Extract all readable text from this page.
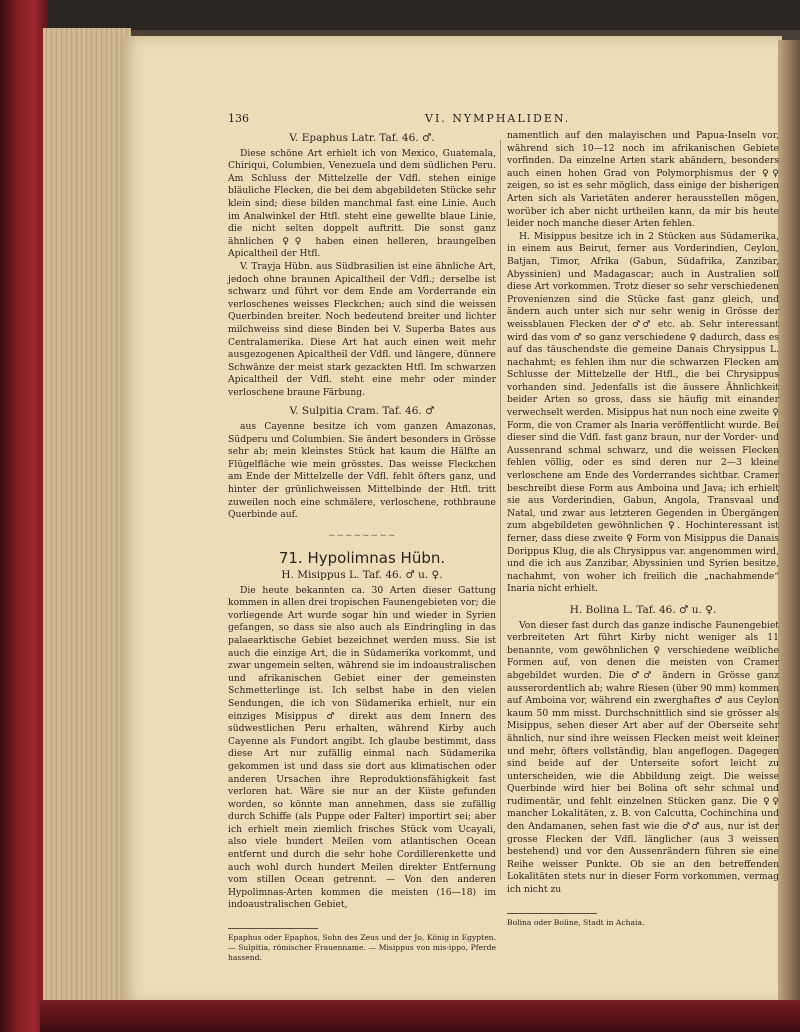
136	VI. NYMPHALIDEN.
V. Epaphus Latr. Taf. 46. ♂.

Diese schöne Art erhielt ich von Mexico, Guatemala, Chiriqui, Columbien, Venezuela und dem südlichen Peru. Am Schluss der Mittelzelle der Vdfl. stehen einige bläuliche Flecken, die bei dem abgebildeten Stücke sehr klein sind; diese bilden manchmal fast eine Linie. Auch im Analwinkel der Htfl. steht eine gewellte blaue Linie, die nicht selten doppelt auftritt. Die sonst ganz ähnlichen ♀♀ haben einen helleren, braungelben Apicaltheil der Htfl.

V. Trayja Hübn. aus Südbrasilien ist eine ähnliche Art, jedoch ohne braunen Apicaltheil der Vdfl.; derselbe ist schwarz und führt vor dem Ende am Vorderrande ein verloschenes weisses Fleckchen; auch sind die weissen Querbinden breiter. Noch bedeutend breiter und lichter milchweiss sind diese Binden bei V. Superba Bates aus Centralamerika. Diese Art hat auch einen weit mehr ausgezogenen Apicaltheil der Vdfl. und längere, dünnere Schwänze der meist stark gezackten Htfl. Im schwarzen Apicaltheil der Vdfl. steht eine mehr oder minder verloschene braune Färbung.

V. Sulpitia Cram. Taf. 46. ♂

aus Cayenne besitze ich vom ganzen Amazonas, Südperu und Columbien. Sie ändert besonders in Grösse sehr ab; mein kleinstes Stück hat kaum die Hälfte an Flügelfläche wie mein grösstes. Das weisse Fleckchen am Ende der Mittelzelle der Vdfl. fehlt öfters ganz, und hinter der grünlichweissen Mittelbinde der Htfl. tritt zuweilen noch eine schmälere, verloschene, rothbraune Querbinde auf.

~~~~~~~~
71. Hypolimnas Hübn.
H. Misippus L. Taf. 46. ♂ u. ♀.

Die heute bekannten ca. 30 Arten dieser Gattung kommen in allen drei tropischen Faunengebieten vor; die vorliegende Art wurde sogar hin und wieder in Syrien gefangen, so dass sie also auch als Eindringling in das palaearktische Gebiet bezeichnet werden muss. Sie ist auch die einzige Art, die in Südamerika vorkommt, und zwar ungemein selten, während sie im indoaustralischen und afrikanischen Gebiet einer der gemeinsten Schmetterlinge ist. Ich selbst habe in den vielen Sendungen, die ich von Südamerika erhielt, nur ein einziges Misippus ♂ direkt aus dem Innern des südwestlichen Peru erhalten, während Kirby auch Cayenne als Fundort angibt. Ich glaube bestimmt, dass diese Art nur zufällig einmal nach Südamerika gekommen ist und dass sie dort aus klimatischen oder anderen Ursachen ihre Reproduktionsfähigkeit fast verloren hat. Wäre sie nur an der Küste gefunden worden, so könnte man annehmen, dass sie zufällig durch Schiffe (als Puppe oder Falter) importirt sei; aber ich erhielt mein ziemlich frisches Stück vom Ucayali, also viele hundert Meilen vom atlantischen Ocean entfernt und durch die sehr hohe Cordillerenkette und auch wohl durch hundert Meilen direkter Entfernung vom stillen Ocean getrennt. — Von den anderen Hypolimnas-Arten kommen die meisten (16—18) im indoaustralischen Gebiet,

Epaphus oder Epaphos, Sohn des Zeus und der Jo, König in Egypten. — Sulpitia, römischer Frauenname. — Misippus von mis-ippo, Pferde hassend.

namentlich auf den malayischen und Papua-Inseln vor, während sich 10—12 noch im afrikanischen Gebiete vorfinden. Da einzelne Arten stark abändern, besonders auch einen hohen Grad von Polymorphismus der ♀♀ zeigen, so ist es sehr möglich, dass einige der bisherigen Arten sich als Varietäten anderer herausstellen mögen, worüber ich aber nicht urtheilen kann, da mir bis heute leider noch manche dieser Arten fehlen.

H. Misippus besitze ich in 2 Stücken aus Südamerika, in einem aus Beirut, ferner aus Vorderindien, Ceylon, Batjan, Timor, Afrika (Gabun, Südafrika, Zanzibar, Abyssinien) und Madagascar; auch in Australien soll diese Art vorkommen. Trotz dieser so sehr verschiedenen Provenienzen sind die Stücke fast ganz gleich, und ändern auch unter sich nur sehr wenig in Grösse der weissblauen Flecken der ♂♂ etc. ab. Sehr interessant wird das vom ♂ so ganz verschiedene ♀ dadurch, dass es auf das täuschendste die gemeine Danais Chrysippus L. nachahmt; es fehlen ihm nur die schwarzen Flecken am Schlusse der Mittelzelle der Htfl., die bei Chrysippus vorhanden sind. Jedenfalls ist die äussere Ähnlichkeit beider Arten so gross, dass sie häufig mit einander verwechselt werden. Misippus hat nun noch eine zweite ♀ Form, die von Cramer als Inaria veröffentlicht wurde. Bei dieser sind die Vdfl. fast ganz braun, nur der Vorder- und Aussenrand schmal schwarz, und die weissen Flecken fehlen völlig, oder es sind deren nur 2—3 kleine verloschene am Ende des Vorderrandes sichtbar. Cramer beschreibt diese Form aus Amboina und Java; ich erhielt sie aus Vorderindien, Gabun, Angola, Transvaal und Natal, und zwar aus letzteren Gegenden in Übergängen zum abgebildeten gewöhnlichen ♀. Hochinteressant ist ferner, dass diese zweite ♀ Form von Misippus die Danais Dorippus Klug, die als Chrysippus var. angenommen wird, und die ich aus Zanzibar, Abyssinien und Syrien besitze, nachahmt, von woher ich freilich die „nachahmende“ Inaria nicht erhielt.

H. Bolina L. Taf. 46. ♂ u. ♀.

Von dieser fast durch das ganze indische Faunengebiet verbreiteten Art führt Kirby nicht weniger als 11 benannte, vom gewöhnlichen ♀ verschiedene weibliche Formen auf, von denen die meisten von Cramer abgebildet wurden. Die ♂♂ ändern in Grösse ganz ausserordentlich ab; wahre Riesen (über 90 mm) kommen auf Amboina vor, während ein zwerghaftes ♂ aus Ceylon kaum 50 mm misst. Durchschnittlich sind sie grösser als Misippus, sehen dieser Art aber auf der Oberseite sehr ähnlich, nur sind ihre weissen Flecken meist weit kleiner und mehr, öfters vollständig, blau angeflogen. Dagegen sind beide auf der Unterseite sofort leicht zu unterscheiden, wie die Abbildung zeigt. Die weisse Querbinde wird hier bei Bolina oft sehr schmal und rudimentär, und fehlt einzelnen Stücken ganz. Die ♀♀ mancher Lokalitäten, z. B. von Calcutta, Cochinchina und den Andamanen, sehen fast wie die ♂♂ aus, nur ist der grosse Flecken der Vdfl. länglicher (aus 3 weissen bestehend) und vor den Aussenrändern führen sie eine Reihe weisser Punkte. Ob sie an den betreffenden Lokalitäten stets nur in dieser Form vorkommen, vermag ich nicht zu

Bolina oder Boline, Stadt in Achaia.
